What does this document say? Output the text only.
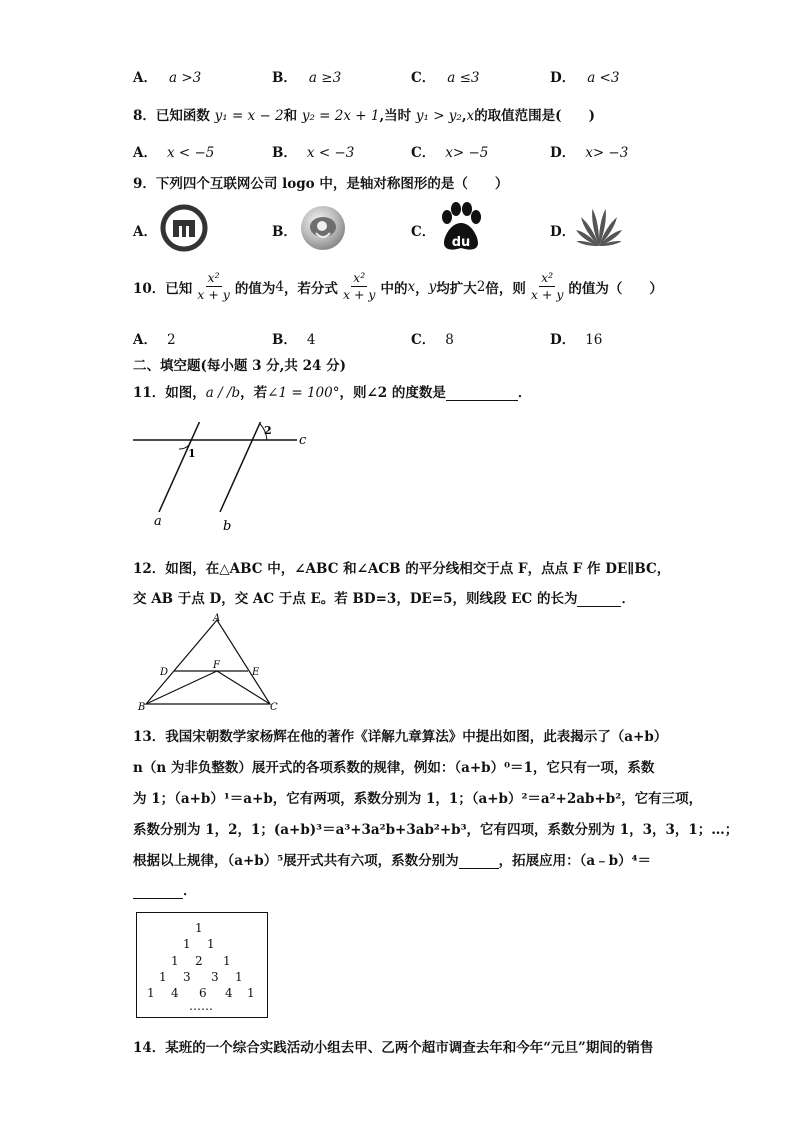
A． a >3	B． a ≥3	C． a ≤3	D． a <3
8．已知函数 y₁ = x − 2和 y₂ = 2x + 1,当时 y₁ > y₂,x的取值范围是(　　)
A． x < −5	B． x < −3	C． x> −5	D． x> −3
9．下列四个互联网公司 logo 中，是轴对称图形的是（　　）
A．	B．	C．
du
D．
10．已知 $\frac{\text{x²}}{x + y}$ 的值为 4 ，若分式 $\frac{\text{x²}}{x + y}$ 中的 x ， y 均扩大 2 倍，则 $\frac{\text{x²}}{x + y}$ 的值为（　　）
A． 2	B． 4	C． 8	D． 16
二、填空题(每小题 3 分,共 24 分)
11．如图，a / /b，若∠1 = 100°，则∠2 的度数是	．
1
2
c
a	b
12．如图，在△ABC 中，∠ABC 和∠ACB 的平分线相交于点 F，点点 F 作 DE∥BC，
交 AB 于点 D，交 AC 于点 E。若 BD=3，DE=5，则线段 EC 的长为	．
A
B	C
D	E
F
13．我国宋朝数学家杨辉在他的著作《详解九章算法》中提出如图，此表揭示了（a+b）
n（n 为非负整数）展开式的各项系数的规律，例如：（a+b）⁰＝1，它只有一项，系数
为 1；（a+b）¹＝a+b，它有两项，系数分别为 1，1；（a+b）²＝a²+2ab+b²，它有三项，
系数分别为 1，2，1；(a+b)³＝a³+3a²b+3ab²+b³，它有四项，系数分别为 1，3，3，1；…；
根据以上规律，（a+b）⁵展开式共有六项，系数分别为	，拓展应用：（a﹣b）⁴＝
．
1
1 1
1 2 1
1 3 3 1
1 4 6 4 1
……
14．某班的一个综合实践活动小组去甲、乙两个超市调查去年和今年“元旦”期间的销售
